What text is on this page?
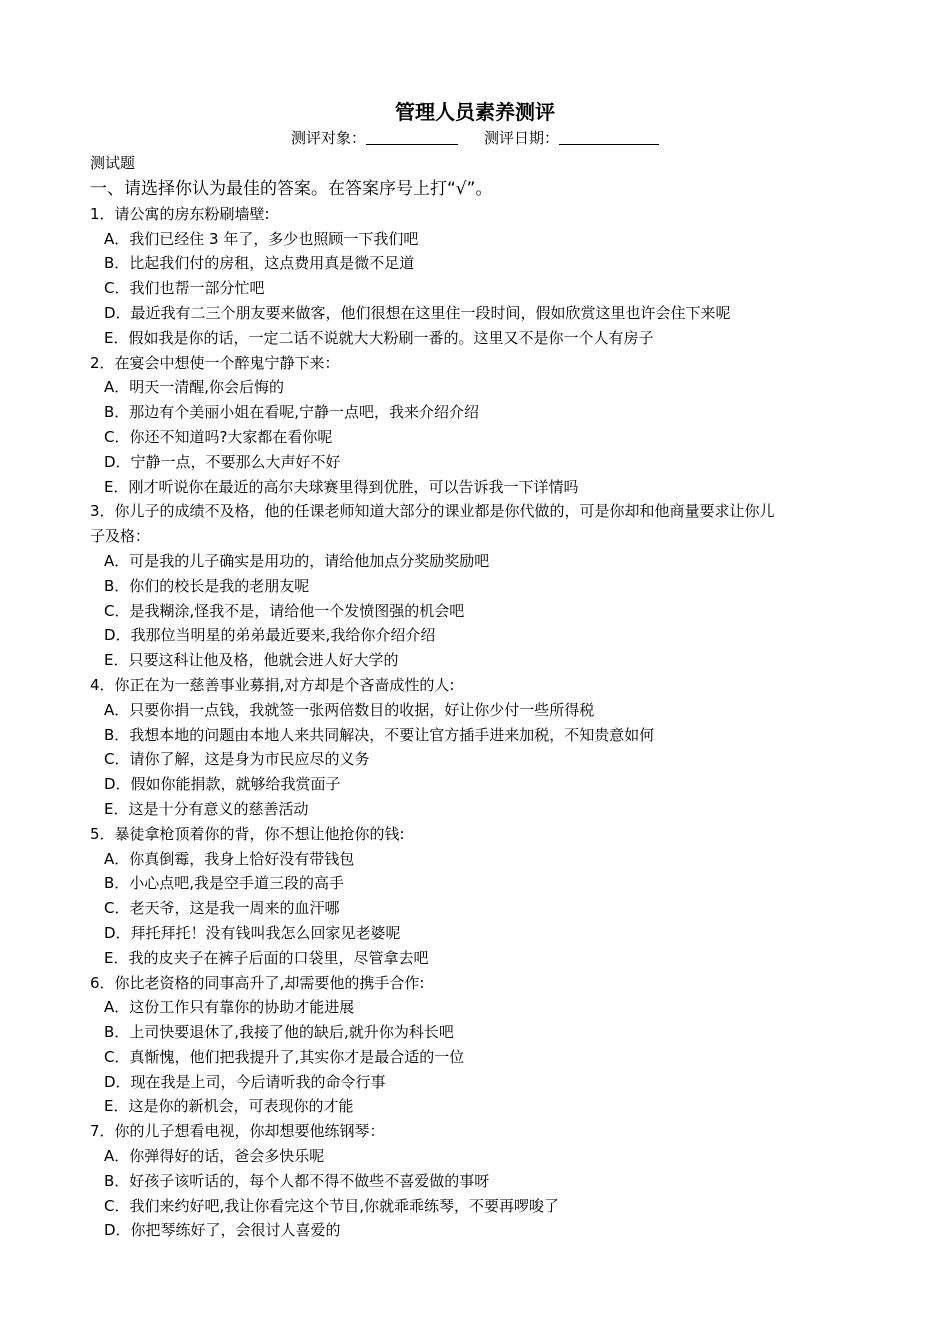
管理人员素养测评
测评对象：	测评日期：
测试题
一、请选择你认为最佳的答案。在答案序号上打“√”。
1．请公寓的房东粉刷墙壁:
A．我们已经住 3 年了，多少也照顾一下我们吧
B．比起我们付的房租，这点费用真是微不足道
C．我们也帮一部分忙吧
D．最近我有二三个朋友要来做客，他们很想在这里住一段时间，假如欣赏这里也许会住下来呢
E．假如我是你的话，一定二话不说就大大粉刷一番的。这里又不是你一个人有房子
2．在宴会中想使一个醉鬼宁静下来：
A．明天一清醒,你会后悔的
B．那边有个美丽小姐在看呢,宁静一点吧，我来介绍介绍
C．你还不知道吗?大家都在看你呢
D．宁静一点，不要那么大声好不好
E．刚才听说你在最近的高尔夫球赛里得到优胜，可以告诉我一下详情吗
3．你儿子的成绩不及格，他的任课老师知道大部分的课业都是你代做的，可是你却和他商量要求让你儿
子及格：
A．可是我的儿子确实是用功的，请给他加点分奖励奖励吧
B．你们的校长是我的老朋友呢
C．是我糊涂,怪我不是，请给他一个发愤图强的机会吧
D．我那位当明星的弟弟最近要来,我给你介绍介绍
E．只要这科让他及格，他就会进人好大学的
4．你正在为一慈善事业募捐,对方却是个吝啬成性的人:
A．只要你捐一点钱，我就签一张两倍数目的收据，好让你少付一些所得税
B．我想本地的问题由本地人来共同解决，不要让官方插手进来加税，不知贵意如何
C．请你了解，这是身为市民应尽的义务
D．假如你能捐款，就够给我赏面子
E．这是十分有意义的慈善活动
5．暴徒拿枪顶着你的背，你不想让他抢你的钱:
A．你真倒霉，我身上恰好没有带钱包
B．小心点吧,我是空手道三段的高手
C．老天爷，这是我一周来的血汗哪
D．拜托拜托！没有钱叫我怎么回家见老婆呢
E．我的皮夹子在裤子后面的口袋里，尽管拿去吧
6．你比老资格的同事高升了,却需要他的携手合作:
A．这份工作只有靠你的协助才能进展
B．上司快要退休了,我接了他的缺后,就升你为科长吧
C．真惭愧，他们把我提升了,其实你才是最合适的一位
D．现在我是上司，今后请听我的命令行事
E．这是你的新机会，可表现你的才能
7．你的儿子想看电视，你却想要他练钢琴：
A．你弹得好的话，爸会多快乐呢
B．好孩子该听话的，每个人都不得不做些不喜爱做的事呀
C．我们来约好吧,我让你看完这个节目,你就乖乖练琴，不要再啰唆了
D．你把琴练好了，会很讨人喜爱的
